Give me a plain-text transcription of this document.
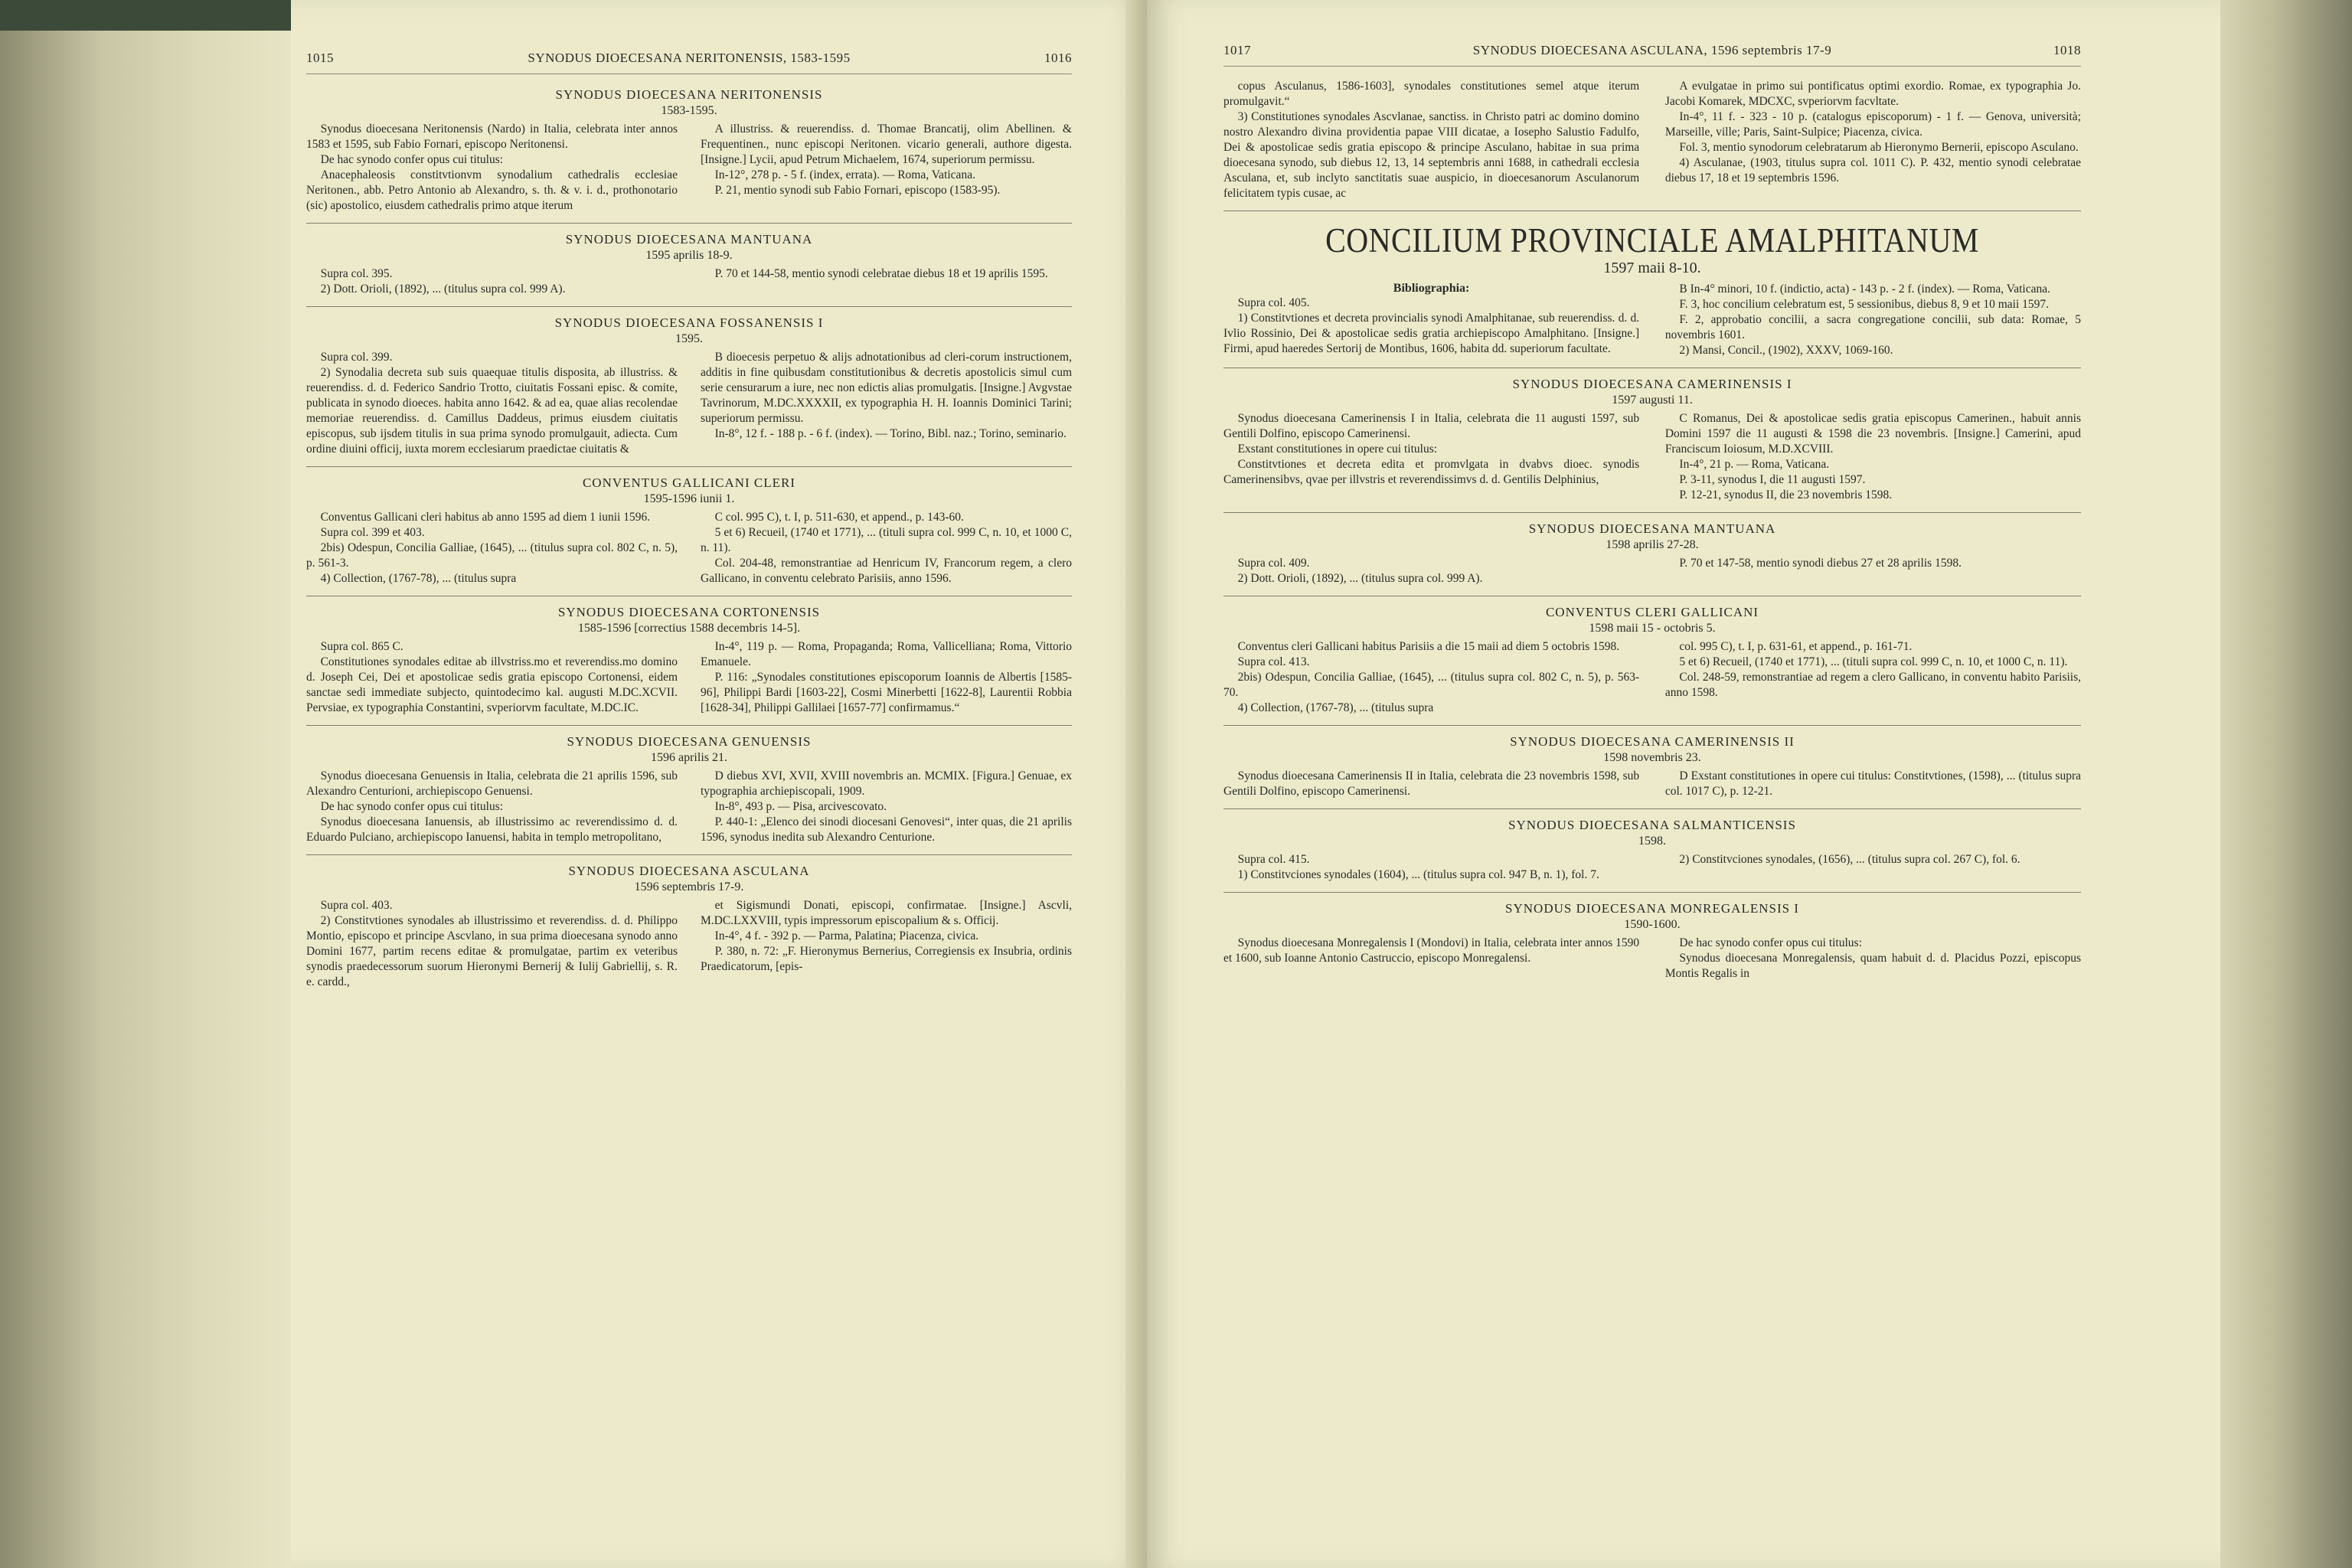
1015	SYNODUS DIOECESANA NERITONENSIS, 1583-1595	1016
SYNODUS DIOECESANA NERITONENSIS
1583-1595.

Synodus dioecesana Neritonensis (Nardo) in Italia, celebrata inter annos 1583 et 1595, sub Fabio Fornari, episcopo Neritonensi.

De hac synodo confer opus cui titulus:

Anacephaleosis constitvtionvm synodalium cathedralis ecclesiae Neritonen., abb. Petro Antonio ab Alexandro, s. th. & v. i. d., prothonotario (sic) apostolico, eiusdem cathedralis primo atque iterum

A illustriss. & reuerendiss. d. Thomae Brancatij, olim Abellinen. & Frequentinen., nunc episcopi Neritonen. vicario generali, authore digesta. [Insigne.] Lycii, apud Petrum Michaelem, 1674, superiorum permissu.

In-12°, 278 p. - 5 f. (index, errata). — Roma, Vaticana.

P. 21, mentio synodi sub Fabio Fornari, episcopo (1583-95).

SYNODUS DIOECESANA MANTUANA
1595 aprilis 18-9.

Supra col. 395.

2) Dott. Orioli, (1892), ... (titulus supra col. 999 A).

P. 70 et 144-58, mentio synodi celebratae diebus 18 et 19 aprilis 1595.

SYNODUS DIOECESANA FOSSANENSIS I
1595.

Supra col. 399.

2) Synodalia decreta sub suis quaequae titulis disposita, ab illustriss. & reuerendiss. d. d. Federico Sandrio Trotto, ciuitatis Fossani episc. & comite, publicata in synodo dioeces. habita anno 1642. & ad ea, quae alias recolendae memoriae reuerendiss. d. Camillus Daddeus, primus eiusdem ciuitatis episcopus, sub ijsdem titulis in sua prima synodo promulgauit, adiecta. Cum ordine diuini officij, iuxta morem ecclesiarum praedictae ciuitatis &

B dioecesis perpetuo & alijs adnotationibus ad cleri-corum instructionem, additis in fine quibusdam constitutionibus & decretis apostolicis simul cum serie censurarum a iure, nec non edictis alias promulgatis. [Insigne.] Avgvstae Tavrinorum, M.DC.XXXXII, ex typographia H. H. Ioannis Dominici Tarini; superiorum permissu.

In-8°, 12 f. - 188 p. - 6 f. (index). — Torino, Bibl. naz.; Torino, seminario.

CONVENTUS GALLICANI CLERI
1595-1596 iunii 1.

Conventus Gallicani cleri habitus ab anno 1595 ad diem 1 iunii 1596.

Supra col. 399 et 403.

2bis) Odespun, Concilia Galliae, (1645), ... (titulus supra col. 802 C, n. 5), p. 561-3.

4) Collection, (1767-78), ... (titulus supra

C col. 995 C), t. I, p. 511-630, et append., p. 143-60.

5 et 6) Recueil, (1740 et 1771), ... (tituli supra col. 999 C, n. 10, et 1000 C, n. 11).

Col. 204-48, remonstrantiae ad Henricum IV, Francorum regem, a clero Gallicano, in conventu celebrato Parisiis, anno 1596.

SYNODUS DIOECESANA CORTONENSIS
1585-1596 [correctius 1588 decembris 14-5].

Supra col. 865 C.

Constitutiones synodales editae ab illvstriss.mo et reverendiss.mo domino d. Joseph Cei, Dei et apostolicae sedis gratia episcopo Cortonensi, eidem sanctae sedi immediate subjecto, quintodecimo kal. augusti M.DC.XCVII. Pervsiae, ex typographia Constantini, svperiorvm facultate, M.DC.IC.

In-4°, 119 p. — Roma, Propaganda; Roma, Vallicelliana; Roma, Vittorio Emanuele.

P. 116: „Synodales constitutiones episcoporum Ioannis de Albertis [1585-96], Philippi Bardi [1603-22], Cosmi Minerbetti [1622-8], Laurentii Robbia [1628-34], Philippi Gallilaei [1657-77] confirmamus.“

SYNODUS DIOECESANA GENUENSIS
1596 aprilis 21.

Synodus dioecesana Genuensis in Italia, celebrata die 21 aprilis 1596, sub Alexandro Centurioni, archiepiscopo Genuensi.

De hac synodo confer opus cui titulus:

Synodus dioecesana Ianuensis, ab illustrissimo ac reverendissimo d. d. Eduardo Pulciano, archiepiscopo Ianuensi, habita in templo metropolitano,

D diebus XVI, XVII, XVIII novembris an. MCMIX. [Figura.] Genuae, ex typographia archiepiscopali, 1909.

In-8°, 493 p. — Pisa, arcivescovato.

P. 440-1: „Elenco dei sinodi diocesani Genovesi“, inter quas, die 21 aprilis 1596, synodus inedita sub Alexandro Centurione.

SYNODUS DIOECESANA ASCULANA
1596 septembris 17-9.

Supra col. 403.

2) Constitvtiones synodales ab illustrissimo et reverendiss. d. d. Philippo Montio, episcopo et principe Ascvlano, in sua prima dioecesana synodo anno Domini 1677, partim recens editae & promulgatae, partim ex veteribus synodis praedecessorum suorum Hieronymi Bernerij & Iulij Gabriellij, s. R. e. cardd.,

et Sigismundi Donati, episcopi, confirmatae. [Insigne.] Ascvli, M.DC.LXXVIII, typis impressorum episcopalium & s. Officij.

In-4°, 4 f. - 392 p. — Parma, Palatina; Piacenza, civica.

P. 380, n. 72: „F. Hieronymus Bernerius, Corregiensis ex Insubria, ordinis Praedicatorum, [epis-

1017	SYNODUS DIOECESANA ASCULANA, 1596 septembris 17-9	1018

copus Asculanus, 1586-1603], synodales constitutiones semel atque iterum promulgavit.“

3) Constitutiones synodales Ascvlanae, sanctiss. in Christo patri ac domino domino nostro Alexandro divina providentia papae VIII dicatae, a Iosepho Salustio Fadulfo, Dei & apostolicae sedis gratia episcopo & principe Asculano, habitae in sua prima dioecesana synodo, sub diebus 12, 13, 14 septembris anni 1688, in cathedrali ecclesia Asculana, et, sub inclyto sanctitatis suae auspicio, in dioecesanorum Asculanorum felicitatem typis cusae, ac

A evulgatae in primo sui pontificatus optimi exordio. Romae, ex typographia Jo. Jacobi Komarek, MDCXC, svperiorvm facvltate.

In-4°, 11 f. - 323 - 10 p. (catalogus episcoporum) - 1 f. — Genova, università; Marseille, ville; Paris, Saint-Sulpice; Piacenza, civica.

Fol. 3, mentio synodorum celebratarum ab Hieronymo Bernerii, episcopo Asculano.

4) Asculanae, (1903, titulus supra col. 1011 C). P. 432, mentio synodi celebratae diebus 17, 18 et 19 septembris 1596.

CONCILIUM PROVINCIALE AMALPHITANUM
1597 maii 8-10.
Bibliographia:

Supra col. 405.

1) Constitvtiones et decreta provincialis synodi Amalphitanae, sub reuerendiss. d. d. Ivlio Rossinio, Dei & apostolicae sedis gratia archiepiscopo Amalphitano. [Insigne.] Firmi, apud haeredes Sertorij de Montibus, 1606, habita dd. superiorum facultate.

B In-4° minori, 10 f. (indictio, acta) - 143 p. - 2 f. (index). — Roma, Vaticana.

F. 3, hoc concilium celebratum est, 5 sessionibus, diebus 8, 9 et 10 maii 1597.

F. 2, approbatio concilii, a sacra congregatione concilii, sub data: Romae, 5 novembris 1601.

2) Mansi, Concil., (1902), XXXV, 1069-160.

SYNODUS DIOECESANA CAMERINENSIS I
1597 augusti 11.

Synodus dioecesana Camerinensis I in Italia, celebrata die 11 augusti 1597, sub Gentili Dolfino, episcopo Camerinensi.

Exstant constitutiones in opere cui titulus:

Constitvtiones et decreta edita et promvlgata in dvabvs dioec. synodis Camerinensibvs, qvae per illvstris et reverendissimvs d. d. Gentilis Delphinius,

C Romanus, Dei & apostolicae sedis gratia episcopus Camerinen., habuit annis Domini 1597 die 11 augusti & 1598 die 23 novembris. [Insigne.] Camerini, apud Franciscum Ioiosum, M.D.XCVIII.

In-4°, 21 p. — Roma, Vaticana.

P. 3-11, synodus I, die 11 augusti 1597.

P. 12-21, synodus II, die 23 novembris 1598.

SYNODUS DIOECESANA MANTUANA
1598 aprilis 27-28.

Supra col. 409.

2) Dott. Orioli, (1892), ... (titulus supra col. 999 A).

P. 70 et 147-58, mentio synodi diebus 27 et 28 aprilis 1598.

CONVENTUS CLERI GALLICANI
1598 maii 15 - octobris 5.

Conventus cleri Gallicani habitus Parisiis a die 15 maii ad diem 5 octobris 1598.

Supra col. 413.

2bis) Odespun, Concilia Galliae, (1645), ... (titulus supra col. 802 C, n. 5), p. 563-70.

4) Collection, (1767-78), ... (titulus supra

col. 995 C), t. I, p. 631-61, et append., p. 161-71.

5 et 6) Recueil, (1740 et 1771), ... (tituli supra col. 999 C, n. 10, et 1000 C, n. 11).

Col. 248-59, remonstrantiae ad regem a clero Gallicano, in conventu habito Parisiis, anno 1598.

SYNODUS DIOECESANA CAMERINENSIS II
1598 novembris 23.

Synodus dioecesana Camerinensis II in Italia, celebrata die 23 novembris 1598, sub Gentili Dolfino, episcopo Camerinensi.

D Exstant constitutiones in opere cui titulus: Constitvtiones, (1598), ... (titulus supra col. 1017 C), p. 12-21.

SYNODUS DIOECESANA SALMANTICENSIS
1598.

Supra col. 415.

1) Constitvciones synodales (1604), ... (titulus supra col. 947 B, n. 1), fol. 7.

2) Constitvciones synodales, (1656), ... (titulus supra col. 267 C), fol. 6.

SYNODUS DIOECESANA MONREGALENSIS I
1590-1600.

Synodus dioecesana Monregalensis I (Mondovi) in Italia, celebrata inter annos 1590 et 1600, sub Ioanne Antonio Castruccio, episcopo Monregalensi.

De hac synodo confer opus cui titulus:

Synodus dioecesana Monregalensis, quam habuit d. d. Placidus Pozzi, episcopus Montis Regalis in
